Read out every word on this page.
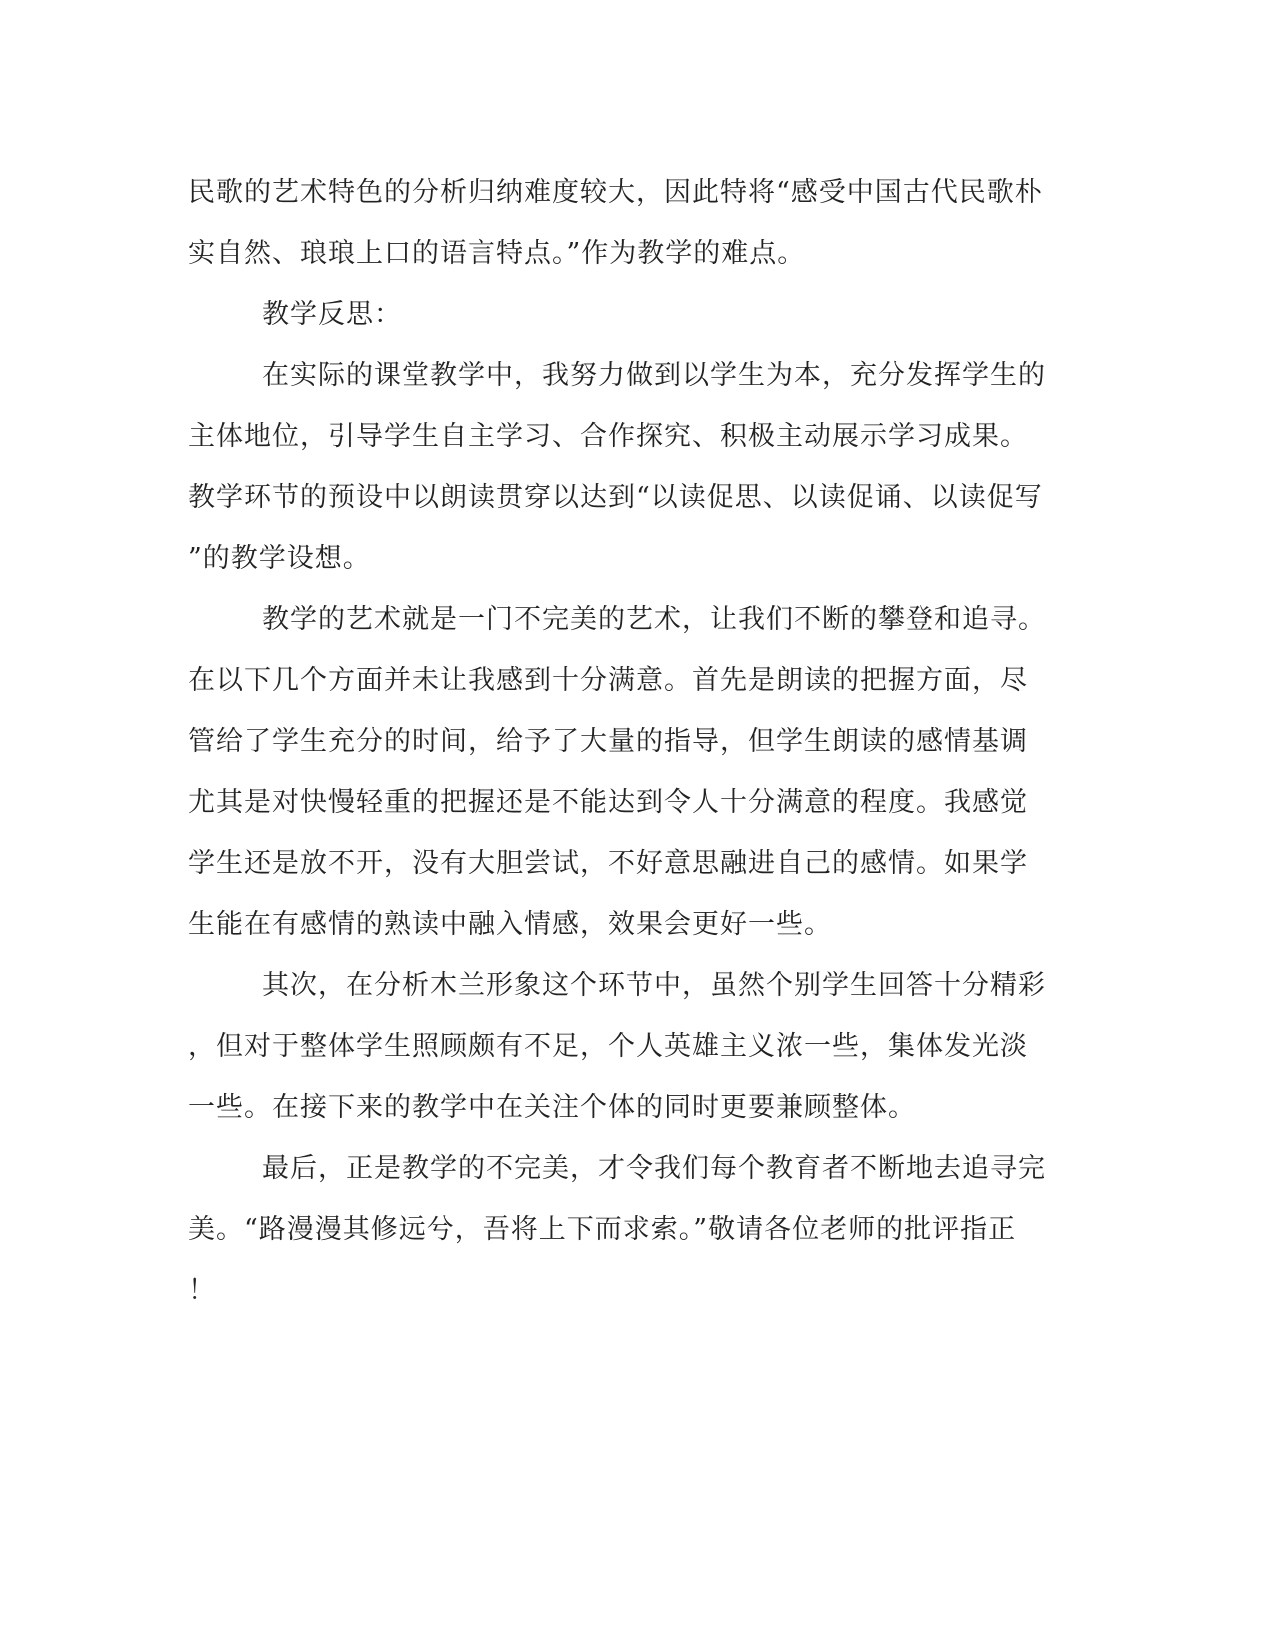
民歌的艺术特色的分析归纳难度较大，因此特将“感受中国古代民歌朴
实自然、琅琅上口的语言特点。”作为教学的难点。
教学反思：
在实际的课堂教学中，我努力做到以学生为本，充分发挥学生的
主体地位，引导学生自主学习、合作探究、积极主动展示学习成果。
教学环节的预设中以朗读贯穿以达到“以读促思、以读促诵、以读促写
”的教学设想。
教学的艺术就是一门不完美的艺术，让我们不断的攀登和追寻。
在以下几个方面并未让我感到十分满意。首先是朗读的把握方面，尽
管给了学生充分的时间，给予了大量的指导，但学生朗读的感情基调
尤其是对快慢轻重的把握还是不能达到令人十分满意的程度。我感觉
学生还是放不开，没有大胆尝试，不好意思融进自己的感情。如果学
生能在有感情的熟读中融入情感，效果会更好一些。
其次，在分析木兰形象这个环节中，虽然个别学生回答十分精彩
，但对于整体学生照顾颇有不足，个人英雄主义浓一些，集体发光淡
一些。在接下来的教学中在关注个体的同时更要兼顾整体。
最后，正是教学的不完美，才令我们每个教育者不断地去追寻完
美。“路漫漫其修远兮，吾将上下而求索。”敬请各位老师的批评指正
！
